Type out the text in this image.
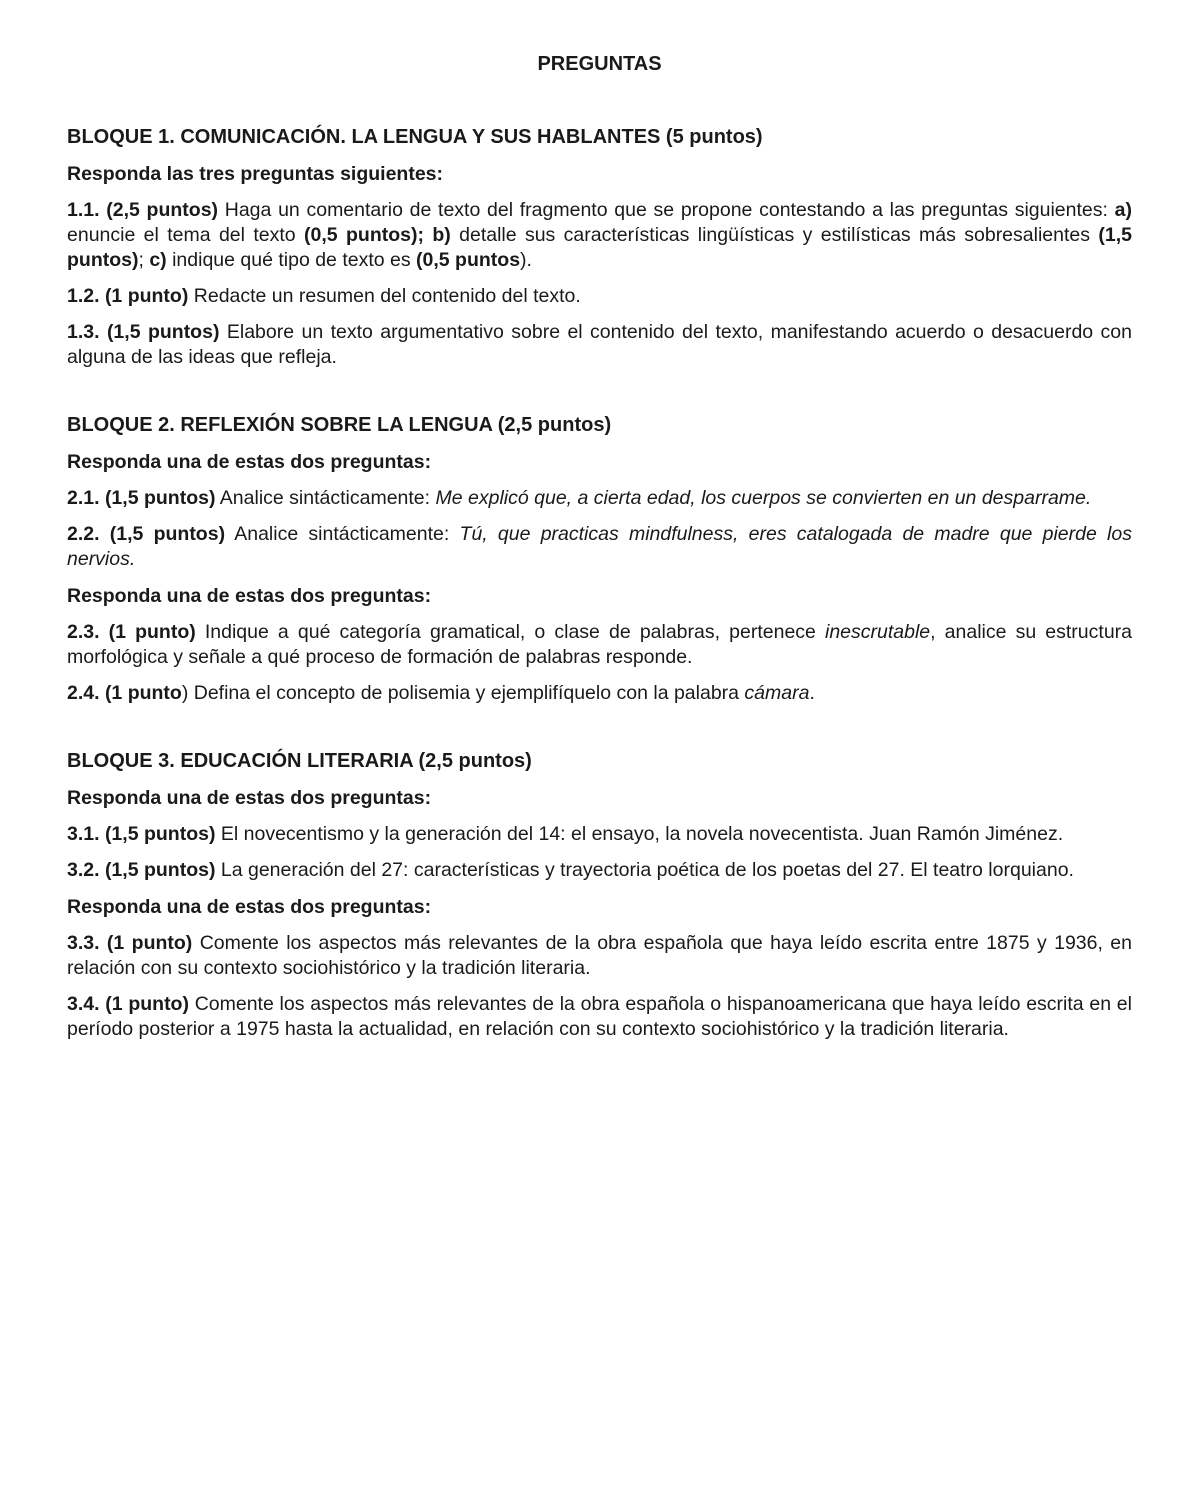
PREGUNTAS
BLOQUE 1. COMUNICACIÓN. LA LENGUA Y SUS HABLANTES (5 puntos)
Responda las tres preguntas siguientes:

1.1. (2,5 puntos) Haga un comentario de texto del fragmento que se propone contestando a las preguntas siguientes: a) enuncie el tema del texto (0,5 puntos); b) detalle sus características lingüísticas y estilísticas más sobresalientes (1,5 puntos); c) indique qué tipo de texto es (0,5 puntos).

1.2. (1 punto) Redacte un resumen del contenido del texto.

1.3. (1,5 puntos) Elabore un texto argumentativo sobre el contenido del texto, manifestando acuerdo o desacuerdo con alguna de las ideas que refleja.

BLOQUE 2. REFLEXIÓN SOBRE LA LENGUA (2,5 puntos)
Responda una de estas dos preguntas:

2.1. (1,5 puntos) Analice sintácticamente: Me explicó que, a cierta edad, los cuerpos se convierten en un desparrame.

2.2. (1,5 puntos) Analice sintácticamente: Tú, que practicas mindfulness, eres catalogada de madre que pierde los nervios.

Responda una de estas dos preguntas:

2.3. (1 punto) Indique a qué categoría gramatical, o clase de palabras, pertenece inescrutable, analice su estructura morfológica y señale a qué proceso de formación de palabras responde.

2.4. (1 punto) Defina el concepto de polisemia y ejemplifíquelo con la palabra cámara.

BLOQUE 3. EDUCACIÓN LITERARIA (2,5 puntos)
Responda una de estas dos preguntas:

3.1. (1,5 puntos) El novecentismo y la generación del 14: el ensayo, la novela novecentista. Juan Ramón Jiménez.

3.2. (1,5 puntos) La generación del 27: características y trayectoria poética de los poetas del 27. El teatro lorquiano.

Responda una de estas dos preguntas:

3.3. (1 punto) Comente los aspectos más relevantes de la obra española que haya leído escrita entre 1875 y 1936, en relación con su contexto sociohistórico y la tradición literaria.

3.4. (1 punto) Comente los aspectos más relevantes de la obra española o hispanoamericana que haya leído escrita en el período posterior a 1975 hasta la actualidad, en relación con su contexto sociohistórico y la tradición literaria.
